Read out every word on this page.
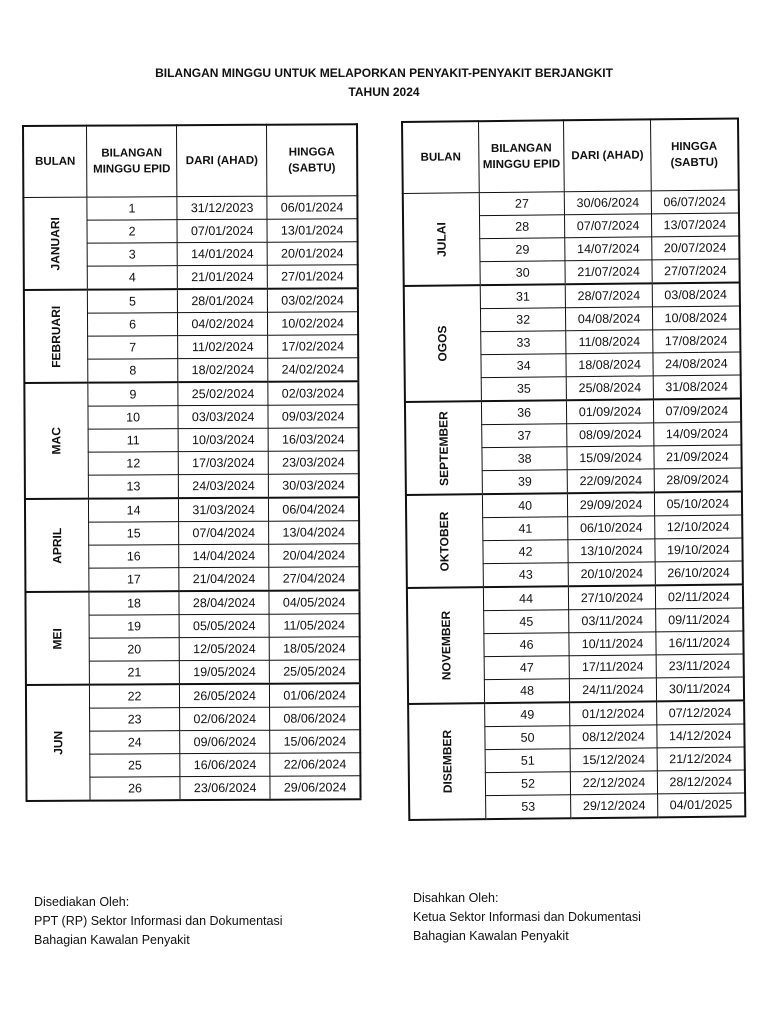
BILANGAN MINGGU UNTUK MELAPORKAN PENYAKIT-PENYAKIT BERJANGKIT
TAHUN 2024
BULAN	BILANGAN MINGGU EPID	DARI (AHAD)	HINGGA (SABTU)
JANUARI	1	31/12/2023	06/01/2024
	2	07/01/2024	13/01/2024
	3	14/01/2024	20/01/2024
	4	21/01/2024	27/01/2024
FEBRUARI	5	28/01/2024	03/02/2024
	6	04/02/2024	10/02/2024
	7	11/02/2024	17/02/2024
	8	18/02/2024	24/02/2024
MAC	9	25/02/2024	02/03/2024
	10	03/03/2024	09/03/2024
	11	10/03/2024	16/03/2024
	12	17/03/2024	23/03/2024
	13	24/03/2024	30/03/2024
APRIL	14	31/03/2024	06/04/2024
	15	07/04/2024	13/04/2024
	16	14/04/2024	20/04/2024
	17	21/04/2024	27/04/2024
MEI	18	28/04/2024	04/05/2024
	19	05/05/2024	11/05/2024
	20	12/05/2024	18/05/2024
	21	19/05/2024	25/05/2024
JUN	22	26/05/2024	01/06/2024
	23	02/06/2024	08/06/2024
	24	09/06/2024	15/06/2024
	25	16/06/2024	22/06/2024
	26	23/06/2024	29/06/2024
BULAN	BILANGAN MINGGU EPID	DARI (AHAD)	HINGGA (SABTU)
JULAI	27	30/06/2024	06/07/2024
	28	07/07/2024	13/07/2024
	29	14/07/2024	20/07/2024
	30	21/07/2024	27/07/2024
OGOS	31	28/07/2024	03/08/2024
	32	04/08/2024	10/08/2024
	33	11/08/2024	17/08/2024
	34	18/08/2024	24/08/2024
	35	25/08/2024	31/08/2024
SEPTEMBER	36	01/09/2024	07/09/2024
	37	08/09/2024	14/09/2024
	38	15/09/2024	21/09/2024
	39	22/09/2024	28/09/2024
OKTOBER	40	29/09/2024	05/10/2024
	41	06/10/2024	12/10/2024
	42	13/10/2024	19/10/2024
	43	20/10/2024	26/10/2024
NOVEMBER	44	27/10/2024	02/11/2024
	45	03/11/2024	09/11/2024
	46	10/11/2024	16/11/2024
	47	17/11/2024	23/11/2024
	48	24/11/2024	30/11/2024
DISEMBER	49	01/12/2024	07/12/2024
	50	08/12/2024	14/12/2024
	51	15/12/2024	21/12/2024
	52	22/12/2024	28/12/2024
	53	29/12/2024	04/01/2025
Disediakan Oleh:
PPT (RP) Sektor Informasi dan Dokumentasi
Bahagian Kawalan Penyakit
Disahkan Oleh:
Ketua Sektor Informasi dan Dokumentasi
Bahagian Kawalan Penyakit
